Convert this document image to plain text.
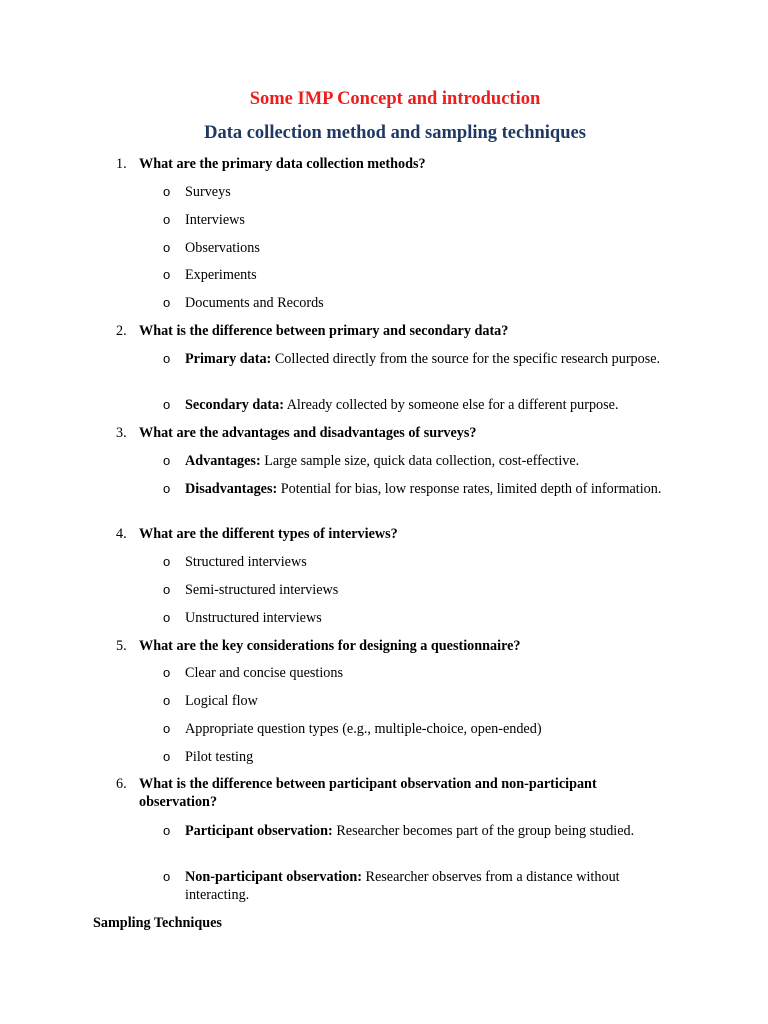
Some IMP Concept and introduction
Data collection method and sampling techniques
1. What are the primary data collection methods?
o Surveys
o Interviews
o Observations
o Experiments
o Documents and Records
2. What is the difference between primary and secondary data?
o Primary data: Collected directly from the source for the specific research purpose.
o Secondary data: Already collected by someone else for a different purpose.
3. What are the advantages and disadvantages of surveys?
o Advantages: Large sample size, quick data collection, cost-effective.
o Disadvantages: Potential for bias, low response rates, limited depth of information.
4. What are the different types of interviews?
o Structured interviews
o Semi-structured interviews
o Unstructured interviews
5. What are the key considerations for designing a questionnaire?
o Clear and concise questions
o Logical flow
o Appropriate question types (e.g., multiple-choice, open-ended)
o Pilot testing
6. What is the difference between participant observation and non-participant observation?
o Participant observation: Researcher becomes part of the group being studied.
o Non-participant observation: Researcher observes from a distance without interacting.
Sampling Techniques
